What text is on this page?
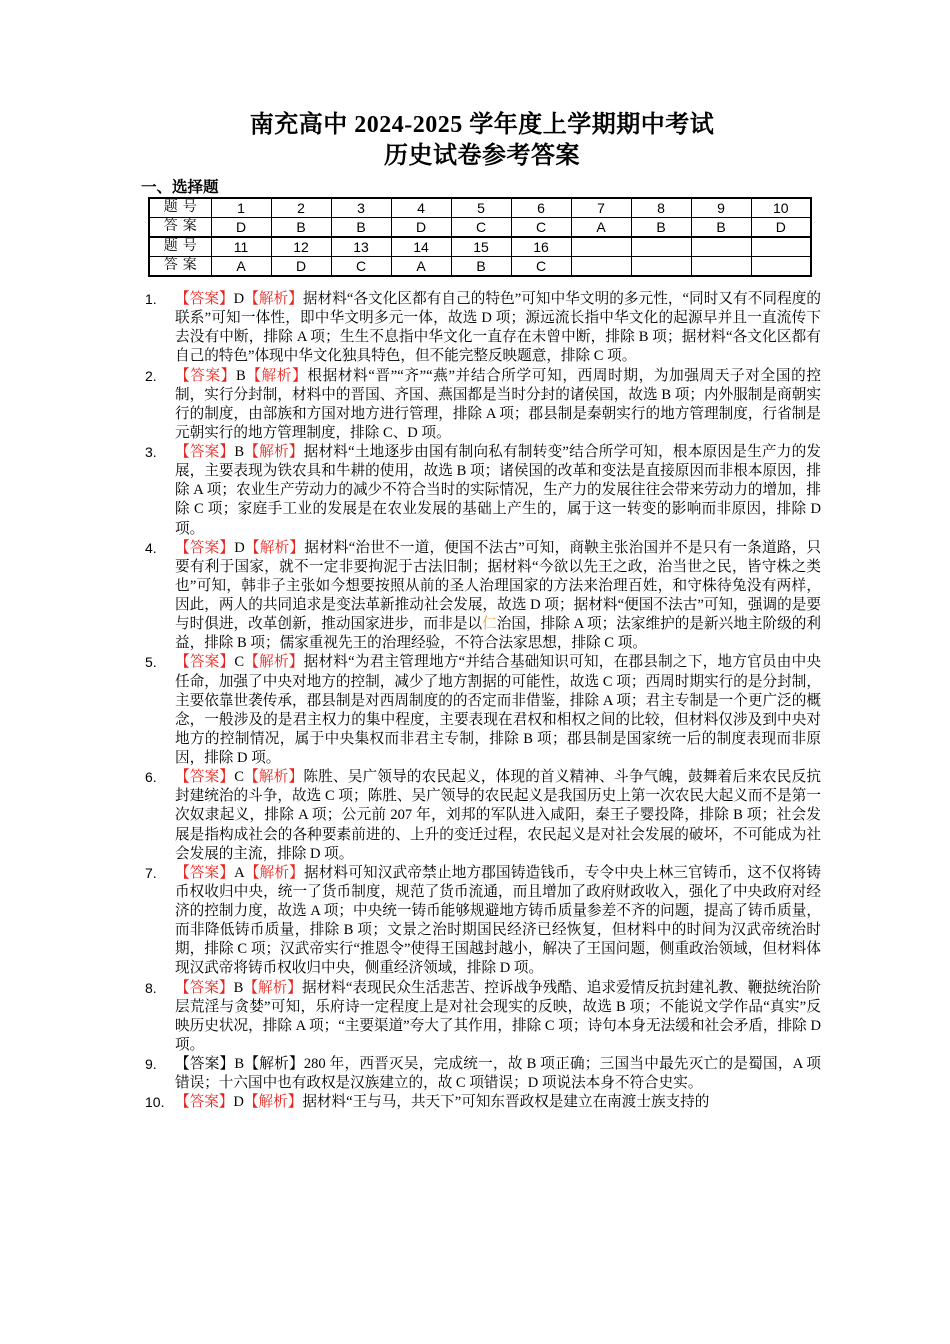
南充高中 2024-2025 学年度上学期期中考试
历史试卷参考答案
一、选择题
题号	1	2	3	4	5	6	7	8	9	10
答案	D	B	B	D	C	C	A	B	B	D
题号	11	12	13	14	15	16				
答案	A	D	C	A	B	C				
1.	【答案】D【解析】据材料“各文化区都有自己的特色”可知中华文明的多元性，“同时又有不同程度的联系”可知一体性，即中华文明多元一体，故选 D 项；源远流长指中华文化的起源早并且一直流传下去没有中断，排除 A 项；生生不息指中华文化一直存在未曾中断，排除 B 项；据材料“各文化区都有自己的特色”体现中华文化独具特色，但不能完整反映题意，排除 C 项。
2.	【答案】B【解析】根据材料“晋”“齐”“燕”并结合所学可知，西周时期，为加强周天子对全国的控制，实行分封制，材料中的晋国、齐国、燕国都是当时分封的诸侯国，故选 B 项；内外服制是商朝实行的制度，由部族和方国对地方进行管理，排除 A 项；郡县制是秦朝实行的地方管理制度，行省制是元朝实行的地方管理制度，排除 C、D 项。
3.	【答案】B【解析】据材料“土地逐步由国有制向私有制转变”结合所学可知，根本原因是生产力的发展，主要表现为铁农具和牛耕的使用，故选 B 项；诸侯国的改革和变法是直接原因而非根本原因，排除 A 项；农业生产劳动力的减少不符合当时的实际情况，生产力的发展往往会带来劳动力的增加，排除 C 项；家庭手工业的发展是在农业发展的基础上产生的，属于这一转变的影响而非原因，排除 D 项。
4.	【答案】D【解析】据材料“治世不一道，便国不法古”可知，商鞅主张治国并不是只有一条道路，只要有利于国家，就不一定非要拘泥于古法旧制；据材料“今欲以先王之政，治当世之民，皆守株之类也”可知，韩非子主张如今想要按照从前的圣人治理国家的方法来治理百姓，和守株待兔没有两样，因此，两人的共同追求是变法革新推动社会发展，故选 D 项；据材料“便国不法古”可知，强调的是要与时俱进，改革创新，推动国家进步，而非是以仁治国，排除 A 项；法家维护的是新兴地主阶级的利益，排除 B 项；儒家重视先王的治理经验，不符合法家思想，排除 C 项。
5.	【答案】C【解析】据材料“为君主管理地方“并结合基础知识可知，在郡县制之下，地方官员由中央任命，加强了中央对地方的控制，减少了地方割据的可能性，故选 C 项；西周时期实行的是分封制，主要依靠世袭传承，郡县制是对西周制度的的否定而非借鉴，排除 A 项；君主专制是一个更广泛的概念，一般涉及的是君主权力的集中程度，主要表现在君权和相权之间的比较，但材料仅涉及到中央对地方的控制情况，属于中央集权而非君主专制，排除 B 项；郡县制是国家统一后的制度表现而非原因，排除 D 项。
6.	【答案】C【解析】陈胜、吴广领导的农民起义，体现的首义精神、斗争气魄，鼓舞着后来农民反抗封建统治的斗争，故选 C 项；陈胜、吴广领导的农民起义是我国历史上第一次农民大起义而不是第一次奴隶起义，排除 A 项；公元前 207 年，刘邦的军队进入咸阳，秦王子婴投降，排除 B 项；社会发展是指构成社会的各种要素前进的、上升的变迁过程，农民起义是对社会发展的破坏，不可能成为社会发展的主流，排除 D 项。
7.	【答案】A【解析】据材料可知汉武帝禁止地方郡国铸造钱币，专令中央上林三官铸币，这不仅将铸币权收归中央，统一了货币制度，规范了货币流通，而且增加了政府财政收入，强化了中央政府对经济的控制力度，故选 A 项；中央统一铸币能够规避地方铸币质量参差不齐的问题，提高了铸币质量，而非降低铸币质量，排除 B 项；文景之治时期国民经济已经恢复，但材料中的时间为汉武帝统治时期，排除 C 项；汉武帝实行“推恩令”使得王国越封越小，解决了王国问题，侧重政治领域，但材料体现汉武帝将铸币权收归中央，侧重经济领域，排除 D 项。
8.	【答案】B【解析】据材料“表现民众生活悲苦、控诉战争残酷、追求爱情反抗封建礼教、鞭挞统治阶层荒淫与贪婪”可知，乐府诗一定程度上是对社会现实的反映，故选 B 项；不能说文学作品“真实”反映历史状况，排除 A 项；“主要渠道”夸大了其作用，排除 C 项；诗句本身无法缓和社会矛盾，排除 D 项。
9.	【答案】B【解析】280 年，西晋灭吴，完成统一，故 B 项正确；三国当中最先灭亡的是蜀国，A 项错误；十六国中也有政权是汉族建立的，故 C 项错误；D 项说法本身不符合史实。
10. 【答案】D【解析】据材料“王与马，共天下”可知东晋政权是建立在南渡士族支持的
